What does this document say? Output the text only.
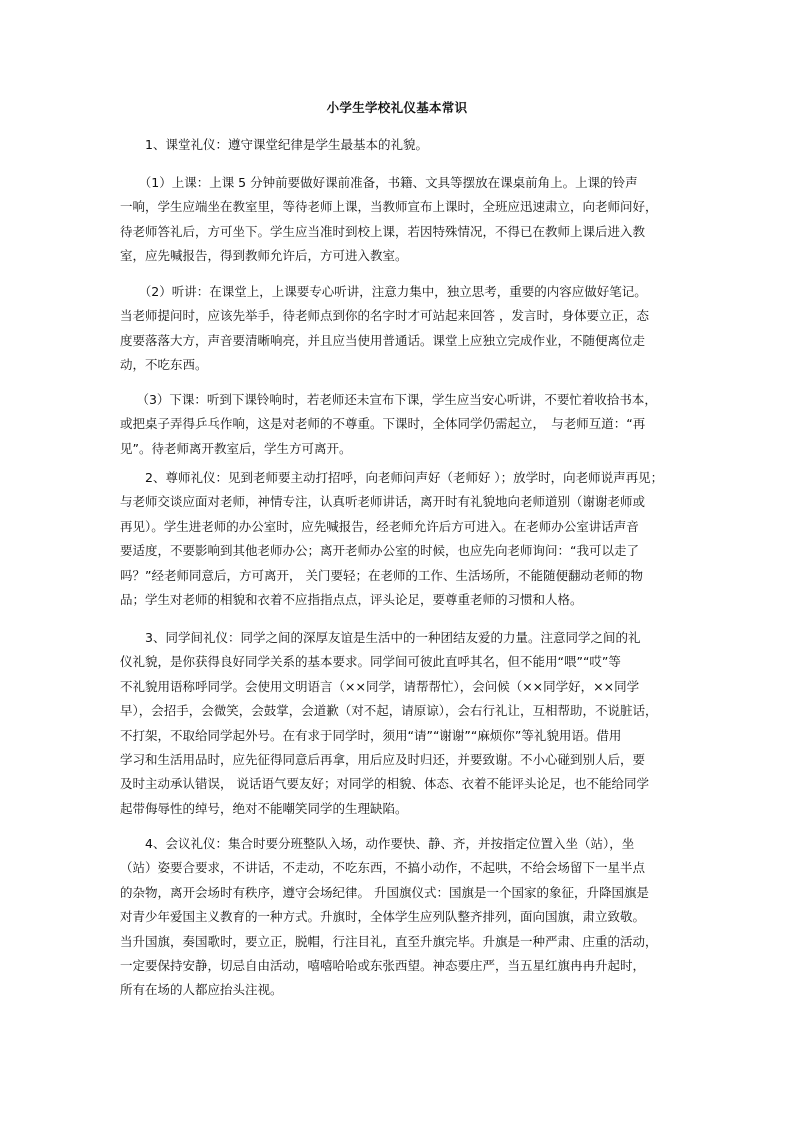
小学生学校礼仪基本常识
　　1、课堂礼仪：遵守课堂纪律是学生最基本的礼貌。
　　（1）上课：上课 5 分钟前要做好课前准备，书籍、文具等摆放在课桌前角上。上课的铃声
一响，学生应端坐在教室里，等待老师上课，当教师宣布上课时，全班应迅速肃立，向老师问好，
待老师答礼后，方可坐下。学生应当准时到校上课，若因特殊情况，不得已在教师上课后进入教
室，应先喊报告，得到教师允许后，方可进入教室。
　　（2）听讲：在课堂上，上课要专心听讲，注意力集中，独立思考，重要的内容应做好笔记。
当老师提问时，应该先举手，待老师点到你的名字时才可站起来回答 ，发言时，身体要立正，态
度要落落大方，声音要清晰响亮，并且应当使用普通话。课堂上应独立完成作业，不随便离位走
动，不吃东西。
　 （3）下课：听到下课铃响时，若老师还未宣布下课，学生应当安心听讲，不要忙着收拾书本，
或把桌子弄得乒乓作响，这是对老师的不尊重。下课时，全体同学仍需起立，　与老师互道：“再
见”。待老师离开教室后，学生方可离开。
　　2、尊师礼仪：见到老师要主动打招呼，向老师问声好（老师好 ）；放学时，向老师说声再见；
与老师交谈应面对老师，神情专注，认真听老师讲话，离开时有礼貌地向老师道别（谢谢老师或
再见）。学生进老师的办公室时，应先喊报告，经老师允许后方可进入。在老师办公室讲话声音
要适度，不要影响到其他老师办公；离开老师办公室的时候，也应先向老师询问：“我可以走了
吗？”经老师同意后，方可离开， 关门要轻；在老师的工作、生活场所，不能随便翻动老师的物
品；学生对老师的相貌和衣着不应指指点点，评头论足，要尊重老师的习惯和人格。
　　3、同学间礼仪：同学之间的深厚友谊是生活中的一种团结友爱的力量。注意同学之间的礼
仪礼貌，是你获得良好同学关系的基本要求。同学间可彼此直呼其名，但不能用“喂”“哎”等
不礼貌用语称呼同学。会使用文明语言（××同学，请帮帮忙），会问候（××同学好，××同学
早），会招手，会微笑，会鼓掌，会道歉（对不起，请原谅），会右行礼让，互相帮助，不说脏话，
不打架，不取给同学起外号。在有求于同学时，须用“请”“谢谢”“麻烦你”等礼貌用语。借用
学习和生活用品时，应先征得同意后再拿，用后应及时归还，并要致谢。不小心碰到别人后，要
及时主动承认错误， 说话语气要友好；对同学的相貌、体态、衣着不能评头论足，也不能给同学
起带侮辱性的绰号，绝对不能嘲笑同学的生理缺陷。
　　4、会议礼仪：集合时要分班整队入场，动作要快、静、齐，并按指定位置入坐（站），坐
（站）姿要合要求，不讲话，不走动，不吃东西，不搞小动作，不起哄，不给会场留下一星半点
的杂物，离开会场时有秩序，遵守会场纪律。 升国旗仪式：国旗是一个国家的象征，升降国旗是
对青少年爱国主义教育的一种方式。升旗时，全体学生应列队整齐排列，面向国旗，肃立致敬。
当升国旗，奏国歌时，要立正，脱帽，行注目礼，直至升旗完毕。升旗是一种严肃、庄重的活动，
一定要保持安静，切忌自由活动，嘻嘻哈哈或东张西望。神态要庄严，当五星红旗冉冉升起时，
所有在场的人都应抬头注视。
